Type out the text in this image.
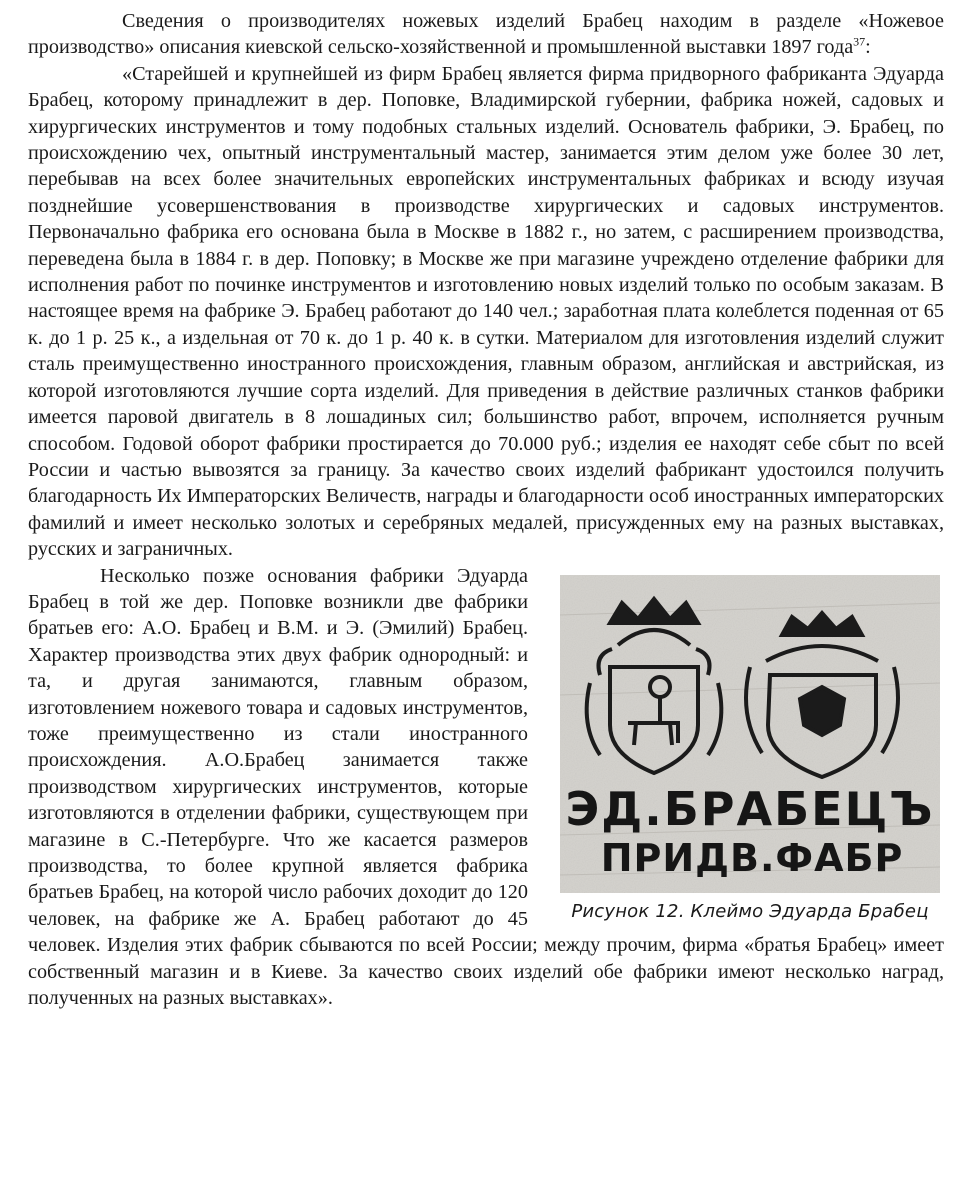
Сведения о производителях ножевых изделий Брабец находим в разделе «Ножевое производство» описания киевской сельско-хозяйственной и промышленной выставки 1897 года$^{37}$:

«Старейшей и крупнейшей из фирм Брабец является фирма придворного фабриканта Эдуарда Брабец, которому принадлежит в дер. Поповке, Владимирской губернии, фабрика ножей, садовых и хирургических инструментов и тому подобных стальных изделий. Основатель фабрики, Э. Брабец, по происхождению чех, опытный инструментальный мастер, занимается этим делом уже более 30 лет, перебывав на всех более значительных европейских инструментальных фабриках и всюду изучая позднейшие усовершенствования в производстве хирургических и садовых инструментов. Первоначально фабрика его основана была в Москве в 1882 г., но затем, с расширением производства, переведена была в 1884 г. в дер. Поповку; в Москве же при магазине учреждено отделение фабрики для исполнения работ по починке инструментов и изготовлению новых изделий только по особым заказам. В настоящее время на фабрике Э. Брабец работают до 140 чел.; заработная плата колеблется поденная от 65 к. до 1 р. 25 к., а издельная от 70 к. до 1 р. 40 к. в сутки. Материалом для изготовления изделий служит сталь преимущественно иностранного происхождения, главным образом, английская и австрийская, из которой изготовляются лучшие сорта изделий. Для приведения в действие различных станков фабрики имеется паровой двигатель в 8 лошадиных сил; большинство работ, впрочем, исполняется ручным способом. Годовой оборот фабрики простирается до 70.000 руб.; изделия ее находят себе сбыт по всей России и частью вывозятся за границу. За качество своих изделий фабрикант удостоился получить благодарность Их Императорских Величеств, награды и благодарности особ иностранных императорских фамилий и имеет несколько золотых и серебряных медалей, присужденных ему на разных выставках, русских и заграничных.

ЭД.БРАБЕЦЪ
ПРИДВ.ФАБР
Рисунок 12. Клеймо Эдуарда Брабец

Несколько позже основания фабрики Эдуарда Брабец в той же дер. Поповке возникли две фабрики братьев его: А.О. Брабец и В.М. и Э. (Эмилий) Брабец. Характер производства этих двух фабрик однородный: и та, и другая занимаются, главным образом, изготовлением ножевого товара и садовых инструментов, тоже преимущественно из стали иностранного происхождения. А.О.Брабец занимается также производством хирургических инструментов, которые изготовляются в отделении фабрики, существующем при магазине в С.-Петербурге. Что же касается размеров производства, то более крупной является фабрика братьев Брабец, на которой число рабочих доходит до 120 человек, на фабрике же А. Брабец работают до 45 человек. Изделия этих фабрик сбываются по всей России; между прочим, фирма «братья Брабец» имеет собственный магазин и в Киеве. За качество своих изделий обе фабрики имеют несколько наград, полученных на разных выставках».
